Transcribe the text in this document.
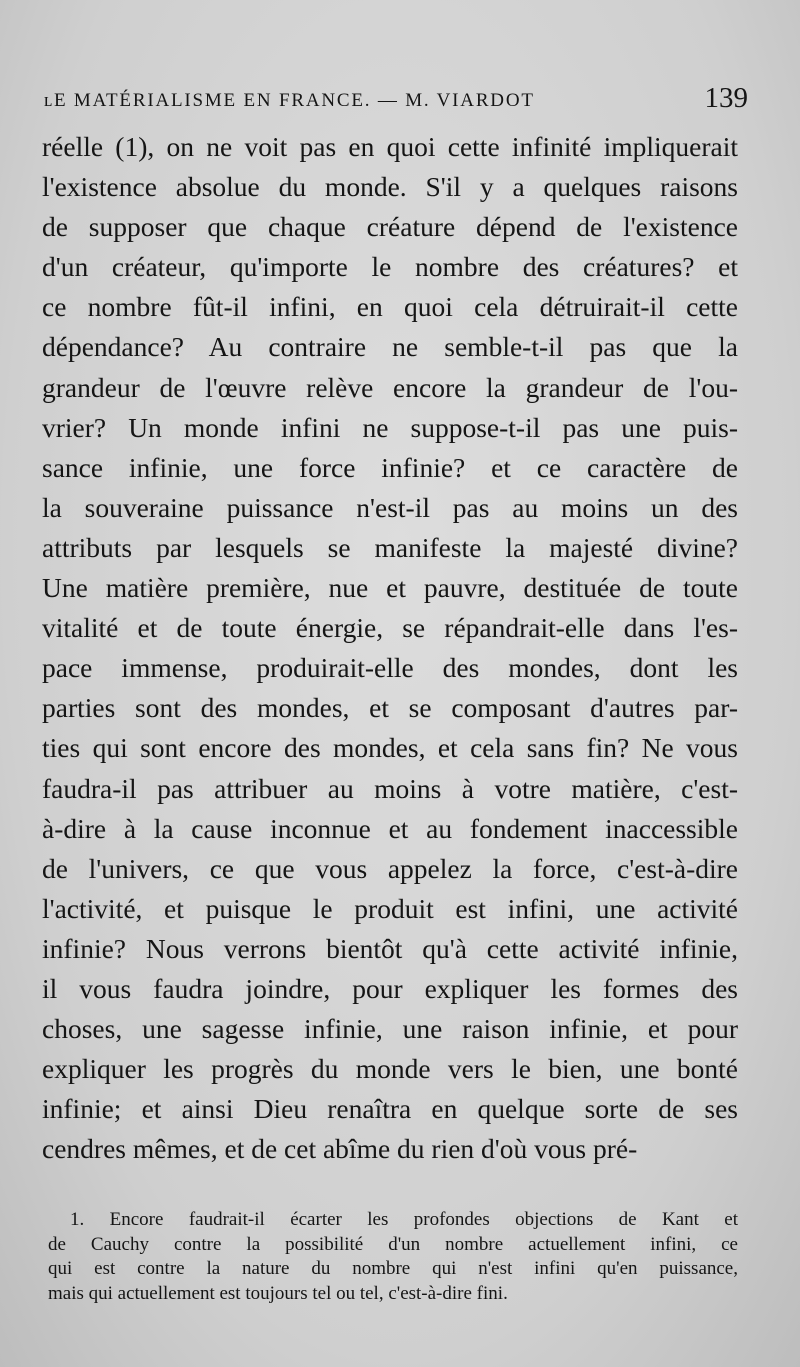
ʟE MATÉRIALISME EN FRANCE. — M. VIARDOT	139
réelle (1), on ne voit pas en quoi cette infinité impliquerait
l'existence absolue du monde. S'il y a quelques raisons
de supposer que chaque créature dépend de l'existence
d'un créateur, qu'importe le nombre des créatures? et
ce nombre fût-il infini, en quoi cela détruirait-il cette
dépendance? Au contraire ne semble-t-il pas que la
grandeur de l'œuvre relève encore la grandeur de l'ou-
vrier? Un monde infini ne suppose-t-il pas une puis-
sance infinie, une force infinie? et ce caractère de
la souveraine puissance n'est-il pas au moins un des
attributs par lesquels se manifeste la majesté divine?
Une matière première, nue et pauvre, destituée de toute
vitalité et de toute énergie, se répandrait-elle dans l'es-
pace immense, produirait-elle des mondes, dont les
parties sont des mondes, et se composant d'autres par-
ties qui sont encore des mondes, et cela sans fin? Ne vous
faudra-il pas attribuer au moins à votre matière, c'est-
à-dire à la cause inconnue et au fondement inaccessible
de l'univers, ce que vous appelez la force, c'est-à-dire
l'activité, et puisque le produit est infini, une activité
infinie? Nous verrons bientôt qu'à cette activité infinie,
il vous faudra joindre, pour expliquer les formes des
choses, une sagesse infinie, une raison infinie, et pour
expliquer les progrès du monde vers le bien, une bonté
infinie; et ainsi Dieu renaîtra en quelque sorte de ses
cendres mêmes, et de cet abîme du rien d'où vous pré-
1. Encore faudrait-il écarter les profondes objections de Kant et
de Cauchy contre la possibilité d'un nombre actuellement infini, ce
qui est contre la nature du nombre qui n'est infini qu'en puissance,
mais qui actuellement est toujours tel ou tel, c'est-à-dire fini.
